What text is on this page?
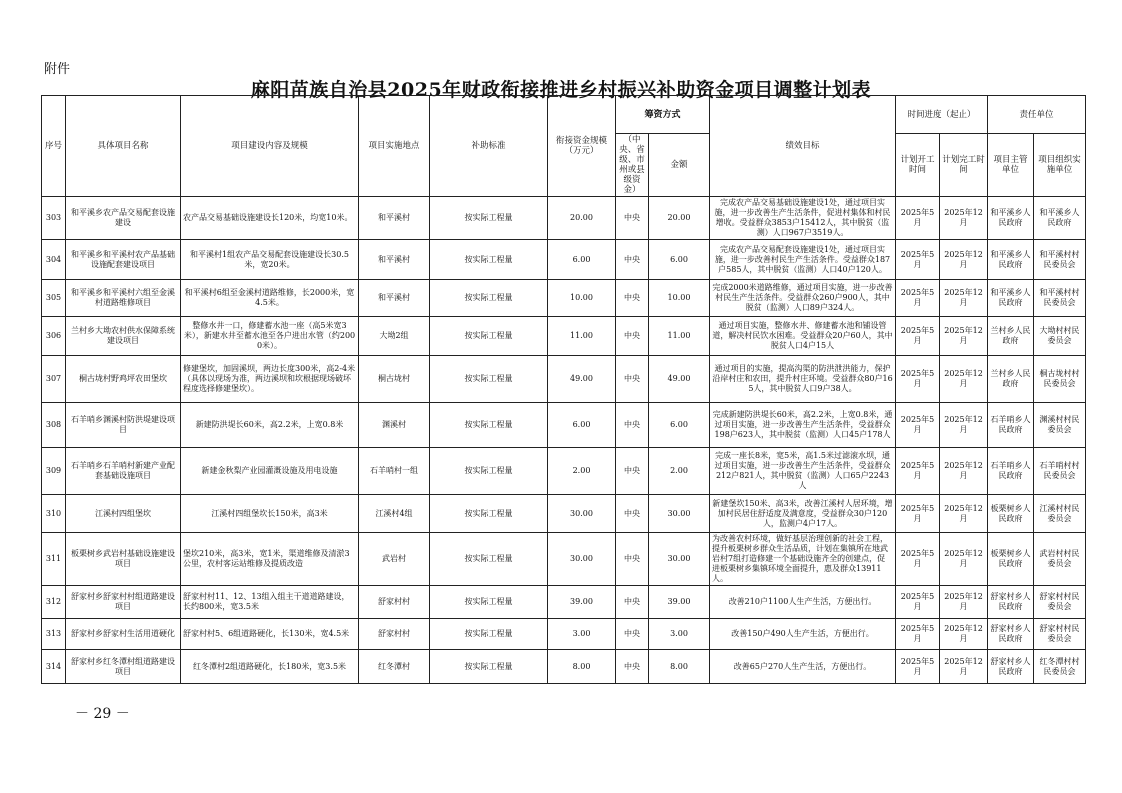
附件
麻阳苗族自治县2025年财政衔接推进乡村振兴补助资金项目调整计划表
序号	具体项目名称	项目建设内容及规模	项目实施地点	补助标准	衔接资金规模（万元）	筹资方式		绩效目标	时间进度（起止）		责任单位	
						（中央、省级、市州或县级资金）	金额		计划开工时间	计划完工时间	项目主管单位	项目组织实施单位
303	和平溪乡农产品交易配套设施建设	农产品交易基础设施建设长120米，均宽10米。	和平溪村	按实际工程量	20.00	中央	20.00	完成农产品交易基础设施建设1处，通过项目实施，进一步改善生产生活条件，促进村集体和村民增收。受益群众3853户15412人，其中脱贫（监测）人口967户3519人。	2025年5月	2025年12月	和平溪乡人民政府	和平溪乡人民政府
304	和平溪乡和平溪村农产品基础设施配套建设项目	和平溪村1组农产品交易配套设施建设长30.5米，宽20米。	和平溪村	按实际工程量	6.00	中央	6.00	完成农产品交易配套设施建设1处，通过项目实施，进一步改善村民生产生活条件。受益群众187户585人，其中脱贫（监测）人口40户120人。	2025年5月	2025年12月	和平溪乡人民政府	和平溪村村民委员会
305	和平溪乡和平溪村六组至金溪村道路维修项目	和平溪村6组至金溪村道路维修，长2000米，宽4.5米。	和平溪村	按实际工程量	10.00	中央	10.00	完成2000米道路维修，通过项目实施，进一步改善村民生产生活条件。受益群众260户900人，其中脱贫（监测）人口89户324人。	2025年5月	2025年12月	和平溪乡人民政府	和平溪村村民委员会
306	兰村乡大坳农村供水保障系统建设项目	整修水井一口，修建蓄水池一座（高5米宽3米），新建水井至蓄水池至各户进出水管（约2000米）。	大坳2组	按实际工程量	11.00	中央	11.00	通过项目实施，整修水井、修建蓄水池和铺设管道，解决村民饮水困难。受益群众20户60人，其中脱贫人口4户15人	2025年5月	2025年12月	兰村乡人民政府	大坳村村民委员会
307	桐古垅村野鸡坪农田堡坎	修建堡坎，加固溪坝，两边长度300米，高2-4米（具体以现场为准，两边溪坝和坎根据现场破坏程度选择修建堡坎）。	桐古垅村	按实际工程量	49.00	中央	49.00	通过项目的实施，提高沟渠的防洪泄洪能力，保护沿岸村庄和农田，提升村庄环境。受益群众80户165人，其中脱贫人口9户38人。	2025年5月	2025年12月	兰村乡人民政府	桐古垅村村民委员会
308	石羊哨乡渊溪村防洪堤建设项目	新建防洪堤长60米，高2.2米，上宽0.8米	渊溪村	按实际工程量	6.00	中央	6.00	完成新建防洪堤长60米，高2.2米，上宽0.8米，通过项目实施，进一步改善生产生活条件，受益群众198户623人，其中脱贫（监测）人口45户178人	2025年5月	2025年12月	石羊哨乡人民政府	渊溪村村民委员会
309	石羊哨乡石羊哨村新建产业配套基础设施项目	新建金秋梨产业园灌溉设施及用电设施	石羊哨村一组	按实际工程量	2.00	中央	2.00	完成一座长8米，宽5米，高1.5米过滤滚水坝，通过项目实施，进一步改善生产生活条件，受益群众212户821人，其中脱贫（监测）人口65户2243人	2025年5月	2025年12月	石羊哨乡人民政府	石羊哨村村民委员会
310	江溪村四组堡坎	江溪村四组堡坎长150米，高3米	江溪村4组	按实际工程量	30.00	中央	30.00	新建堡坎150米、高3米，改善江溪村人居环境，增加村民居住舒适度及满意度，受益群众30户120人，监测户4户17人。	2025年5月	2025年12月	板栗树乡人民政府	江溪村村民委员会
311	板栗树乡武岩村基础设施建设项目	堡坎210米，高3米，宽1米，渠道维修及清淤3公里，农村客运站维修及提质改造	武岩村	按实际工程量	30.00	中央	30.00	为改善农村环境，做好基层治理创新的社会工程，提升板栗树乡群众生活品质，计划在集镇所在地武岩村7组打造修建一个基础设施齐全的创建点，促进板栗树乡集镇环境全面提升，惠及群众13911人。	2025年5月	2025年12月	板栗树乡人民政府	武岩村村民委员会
312	舒家村乡舒家村村组道路建设项目	舒家村村11、12、13组入组主干道道路建设，长约800米，宽3.5米	舒家村村	按实际工程量	39.00	中央	39.00	改善210户1100人生产生活，方便出行。	2025年5月	2025年12月	舒家村乡人民政府	舒家村村民委员会
313	舒家村乡舒家村生活用道硬化	舒家村村5、6组道路硬化，长130米，宽4.5米	舒家村村	按实际工程量	3.00	中央	3.00	改善150户490人生产生活，方便出行。	2025年5月	2025年12月	舒家村乡人民政府	舒家村村民委员会
314	舒家村乡红冬潭村组道路建设项目	红冬潭村2组道路硬化，长180米，宽3.5米	红冬潭村	按实际工程量	8.00	中央	8.00	改善65户270人生产生活，方便出行。	2025年5月	2025年12月	舒家村乡人民政府	红冬潭村村民委员会
－ 29 －
